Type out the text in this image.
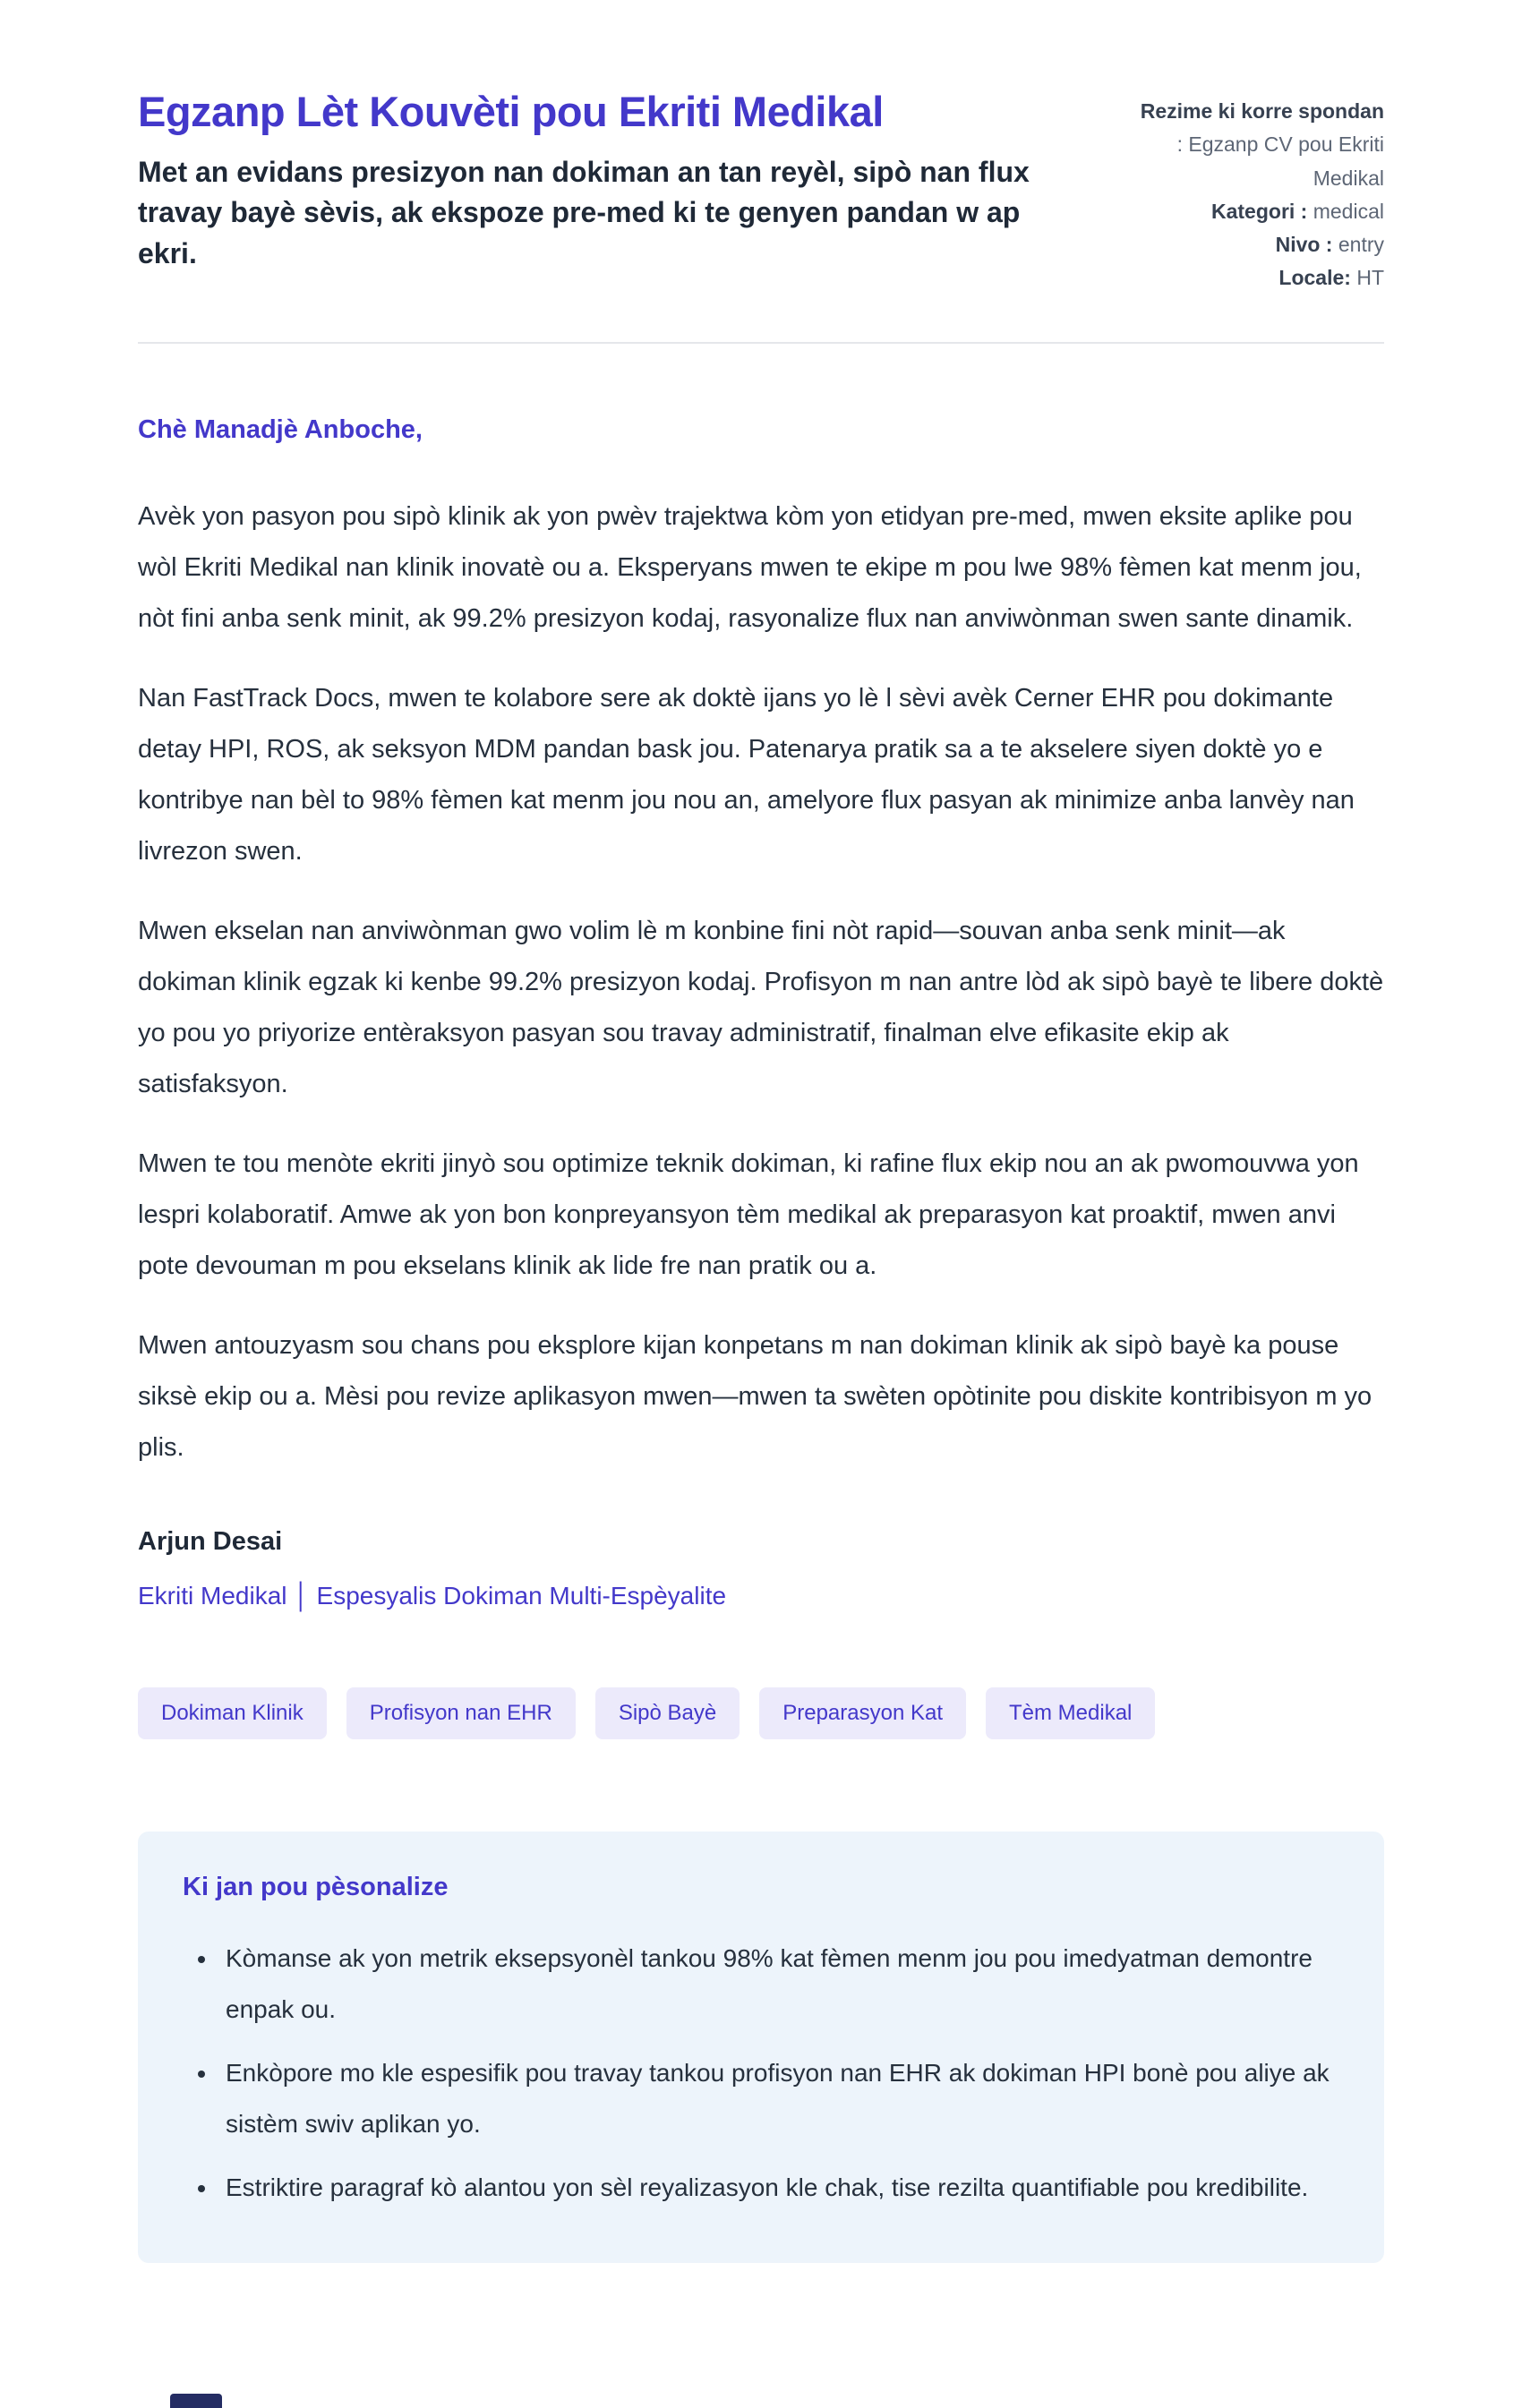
Egzanp Lèt Kouvèti pou Ekriti Medikal

Met an evidans presizyon nan dokiman an tan reyèl, sipò nan flux travay bayè sèvis, ak ekspoze pre-med ki te genyen pandan w ap ekri.

Rezime ki korre spondan
: Egzanp CV pou Ekriti Medikal

Kategori : medical

Nivo : entry

Locale: HT

Chè Manadjè Anboche,

Avèk yon pasyon pou sipò klinik ak yon pwèv trajektwa kòm yon etidyan pre-med, mwen eksite aplike pou wòl Ekriti Medikal nan klinik inovatè ou a. Eksperyans mwen te ekipe m pou lwe 98% fèmen kat menm jou, nòt fini anba senk minit, ak 99.2% presizyon kodaj, rasyonalize flux nan anviwònman swen sante dinamik.

Nan FastTrack Docs, mwen te kolabore sere ak doktè ijans yo lè l sèvi avèk Cerner EHR pou dokimante detay HPI, ROS, ak seksyon MDM pandan bask jou. Patenarya pratik sa a te akselere siyen doktè yo e kontribye nan bèl to 98% fèmen kat menm jou nou an, amelyore flux pasyan ak minimize anba lanvèy nan livrezon swen.

Mwen ekselan nan anviwònman gwo volim lè m konbine fini nòt rapid—souvan anba senk minit—ak dokiman klinik egzak ki kenbe 99.2% presizyon kodaj. Profisyon m nan antre lòd ak sipò bayè te libere doktè yo pou yo priyorize entèraksyon pasyan sou travay administratif, finalman elve efikasite ekip ak satisfaksyon.

Mwen te tou menòte ekriti jinyò sou optimize teknik dokiman, ki rafine flux ekip nou an ak pwomouvwa yon lespri kolaboratif. Amwe ak yon bon konpreyansyon tèm medikal ak preparasyon kat proaktif, mwen anvi pote devouman m pou ekselans klinik ak lide fre nan pratik ou a.

Mwen antouzyasm sou chans pou eksplore kijan konpetans m nan dokiman klinik ak sipò bayè ka pouse siksè ekip ou a. Mèsi pou revize aplikasyon mwen—mwen ta swèten opòtinite pou diskite kontribisyon m yo plis.

Arjun Desai

Ekriti Medikal │ Espesyalis Dokiman Multi-Espèyalite

Dokiman Klinik	Profisyon nan EHR	Sipò Bayè	Preparasyon Kat	Tèm Medikal
Ki jan pou pèsonalize
• Kòmanse ak yon metrik eksepsyonèl tankou 98% kat fèmen menm jou pou imedyatman demontre enpak ou.
• Enkòpore mo kle espesifik pou travay tankou profisyon nan EHR ak dokiman HPI bonè pou aliye ak sistèm swiv aplikan yo.
• Estriktire paragraf kò alantou yon sèl reyalizasyon kle chak, tise rezilta quantifiable pou kredibilite.
